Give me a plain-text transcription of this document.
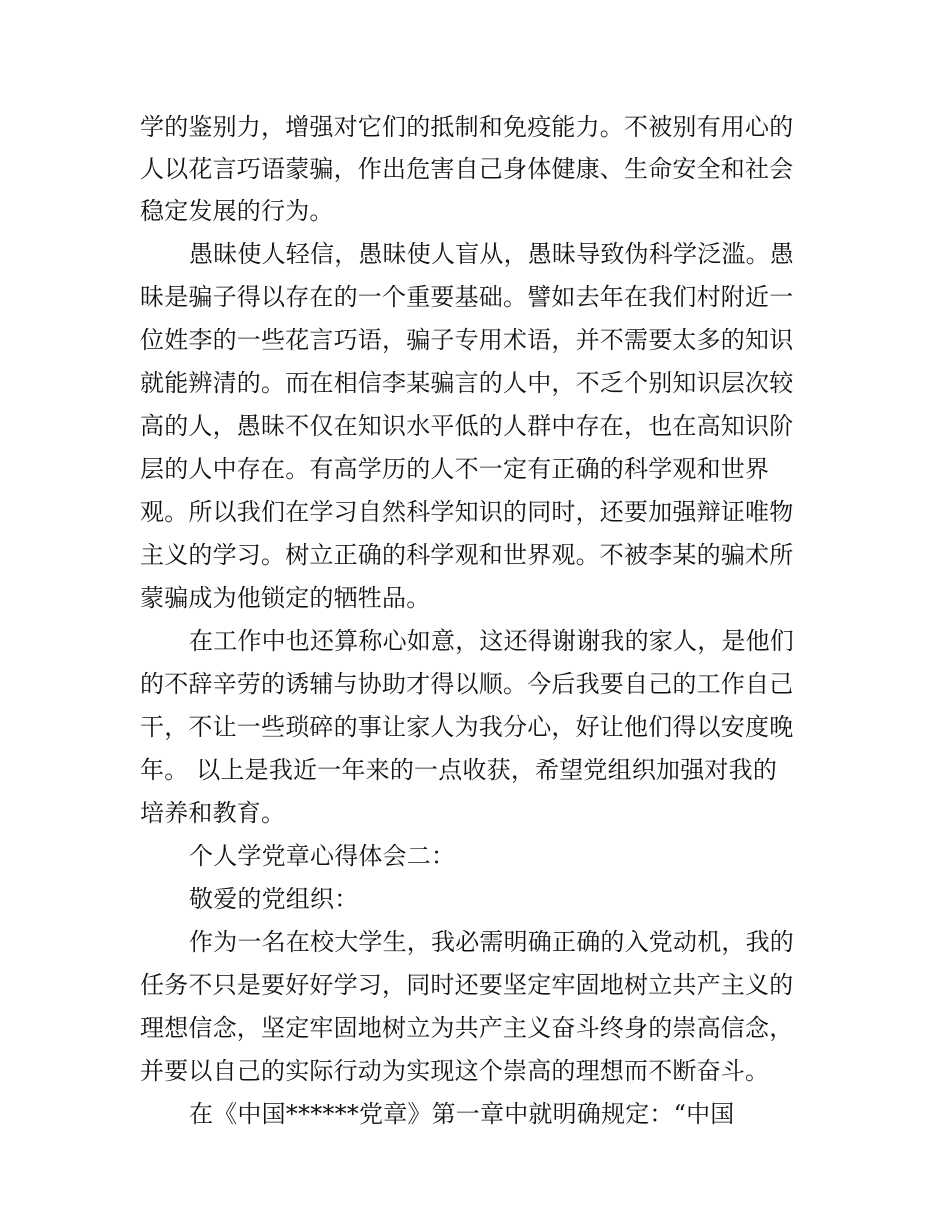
学的鉴别力，增强对它们的抵制和免疫能力。不被别有用心的
人以花言巧语蒙骗，作出危害自己身体健康、生命安全和社会
稳定发展的行为。
愚昧使人轻信，愚昧使人盲从，愚昧导致伪科学泛滥。愚
昧是骗子得以存在的一个重要基础。譬如去年在我们村附近一
位姓李的一些花言巧语，骗子专用术语，并不需要太多的知识
就能辨清的。而在相信李某骗言的人中，不乏个别知识层次较
高的人，愚昧不仅在知识水平低的人群中存在，也在高知识阶
层的人中存在。有高学历的人不一定有正确的科学观和世界
观。所以我们在学习自然科学知识的同时，还要加强辩证唯物
主义的学习。树立正确的科学观和世界观。不被李某的骗术所
蒙骗成为他锁定的牺牲品。
在工作中也还算称心如意，这还得谢谢我的家人，是他们
的不辞辛劳的诱辅与协助才得以顺。今后我要自己的工作自己
干，不让一些琐碎的事让家人为我分心，好让他们得以安度晚
年。 以上是我近一年来的一点收获，希望党组织加强对我的
培养和教育。
个人学党章心得体会二：
敬爱的党组织：
作为一名在校大学生，我必需明确正确的入党动机，我的
任务不只是要好好学习，同时还要坚定牢固地树立共产主义的
理想信念，坚定牢固地树立为共产主义奋斗终身的崇高信念，
并要以自己的实际行动为实现这个崇高的理想而不断奋斗。
在《中国******党章》第一章中就明确规定：“中国
